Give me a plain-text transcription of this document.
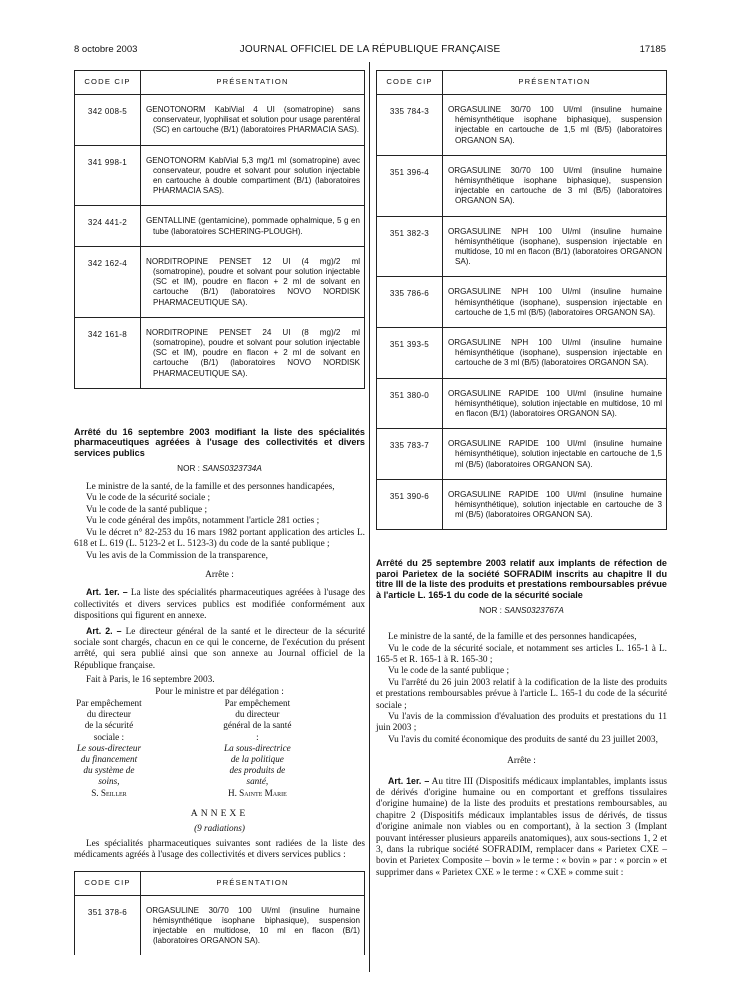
8 octobre 2003	JOURNAL OFFICIEL DE LA RÉPUBLIQUE FRANÇAISE	17185
CODE CIP	PRÉSENTATION
342 008-5	GENOTONORM KabiVial 4 UI (somatropine) sans conservateur, lyophilisat et solution pour usage parentéral (SC) en cartouche (B/1) (laboratoires PHARMACIA SAS).

341 998-1	GENOTONORM KabiVial 5,3 mg/1 ml (somatropine) avec conservateur, poudre et solvant pour solution injectable en cartouche à double compartiment (B/1) (laboratoires PHARMACIA SAS).

324 441-2	GENTALLINE (gentamicine), pommade ophalmique, 5 g en tube (laboratoires SCHERING-PLOUGH).

342 162-4	NORDITROPINE PENSET 12 UI (4 mg)/2 ml (somatropine), poudre et solvant pour solution injectable (SC et IM), poudre en flacon + 2 ml de solvant en cartouche (B/1) (laboratoires NOVO NORDISK PHARMACEUTIQUE SA).

342 161-8	NORDITROPINE PENSET 24 UI (8 mg)/2 ml (somatropine), poudre et solvant pour solution injectable (SC et IM), poudre en flacon + 2 ml de solvant en cartouche (B/1) (laboratoires NOVO NORDISK PHARMACEUTIQUE SA).
Arrêté du 16 septembre 2003 modifiant la liste des spécialités pharmaceutiques agréées à l'usage des collectivités et divers services publics
NOR : SANS0323734A

Le ministre de la santé, de la famille et des personnes handicapées,

Vu le code de la sécurité sociale ;

Vu le code de la santé publique ;

Vu le code général des impôts, notamment l'article 281 octies ;

Vu le décret n° 82-253 du 16 mars 1982 portant application des articles L. 618 et L. 619 (L. 5123-2 et L. 5123-3) du code de la santé publique ;

Vu les avis de la Commission de la transparence,

Arrête :

Art. 1er. – La liste des spécialités pharmaceutiques agréées à l'usage des collectivités et divers services publics est modifiée conformément aux dispositions qui figurent en annexe.

Art. 2. – Le directeur général de la santé et le directeur de la sécurité sociale sont chargés, chacun en ce qui le concerne, de l'exécution du présent arrêté, qui sera publié ainsi que son annexe au Journal officiel de la République française.

Fait à Paris, le 16 septembre 2003.

Pour le ministre et par délégation :

Par empêchement du directeur
de la sécurité sociale :
Le sous-directeur
du financement
du système de soins,
S. Seiller
Par empêchement
du directeur général de la santé :
La sous-directrice
de la politique
des produits de santé,
H. Sainte Marie
ANNEXE
(9 radiations)

Les spécialités pharmaceutiques suivantes sont radiées de la liste des médicaments agréés à l'usage des collectivités et divers services publics :

CODE CIP	PRÉSENTATION
351 378-6	ORGASULINE 30/70 100 UI/ml (insuline humaine hémisynthétique isophane biphasique), suspension injectable en multidose, 10 ml en flacon (B/1) (laboratoires ORGANON SA).
CODE CIP	PRÉSENTATION
335 784-3	ORGASULINE 30/70 100 UI/ml (insuline humaine hémisynthétique isophane biphasique), suspension injectable en cartouche de 1,5 ml (B/5) (laboratoires ORGANON SA).

351 396-4	ORGASULINE 30/70 100 UI/ml (insuline humaine hémisynthétique isophane biphasique), suspension injectable en cartouche de 3 ml (B/5) (laboratoires ORGANON SA).

351 382-3	ORGASULINE NPH 100 UI/ml (insuline humaine hémisynthétique (isophane), suspension injectable en multidose, 10 ml en flacon (B/1) (laboratoires ORGANON SA).

335 786-6	ORGASULINE NPH 100 UI/ml (insuline humaine hémisynthétique (isophane), suspension injectable en cartouche de 1,5 ml (B/5) (laboratoires ORGANON SA).

351 393-5	ORGASULINE NPH 100 UI/ml (insuline humaine hémisynthétique (isophane), suspension injectable en cartouche de 3 ml (B/5) (laboratoires ORGANON SA).

351 380-0	ORGASULINE RAPIDE 100 UI/ml (insuline humaine hémisynthétique), solution injectable en multidose, 10 ml en flacon (B/1) (laboratoires ORGANON SA).

335 783-7	ORGASULINE RAPIDE 100 UI/ml (insuline humaine hémisynthétique), solution injectable en cartouche de 1,5 ml (B/5) (laboratoires ORGANON SA).

351 390-6	ORGASULINE RAPIDE 100 UI/ml (insuline humaine hémisynthétique), solution injectable en cartouche de 3 ml (B/5) (laboratoires ORGANON SA).
Arrêté du 25 septembre 2003 relatif aux implants de réfection de paroi Parietex de la société SOFRADIM inscrits au chapitre II du titre III de la liste des produits et prestations remboursables prévue à l'article L. 165-1 du code de la sécurité sociale
NOR : SANS0323767A

Le ministre de la santé, de la famille et des personnes handicapées,

Vu le code de la sécurité sociale, et notamment ses articles L. 165-1 à L. 165-5 et R. 165-1 à R. 165-30 ;

Vu le code de la santé publique ;

Vu l'arrêté du 26 juin 2003 relatif à la codification de la liste des produits et prestations remboursables prévue à l'article L. 165-1 du code de la sécurité sociale ;

Vu l'avis de la commission d'évaluation des produits et prestations du 11 juin 2003 ;

Vu l'avis du comité économique des produits de santé du 23 juillet 2003,

Arrête :

Art. 1er. – Au titre III (Dispositifs médicaux implantables, implants issus de dérivés d'origine humaine ou en comportant et greffons tissulaires d'origine humaine) de la liste des produits et prestations remboursables, au chapitre 2 (Dispositifs médicaux implantables issus de dérivés, de tissus d'origine animale non viables ou en comportant), à la section 3 (Implant pouvant intéresser plusieurs appareils anatomiques), aux sous-sections 1, 2 et 3, dans la rubrique société SOFRADIM, remplacer dans « Parietex CXE – bovin et Parietex Composite – bovin » le terme : « bovin » par : « porcin » et supprimer dans « Parietex CXE » le terme : « CXE » comme suit :
